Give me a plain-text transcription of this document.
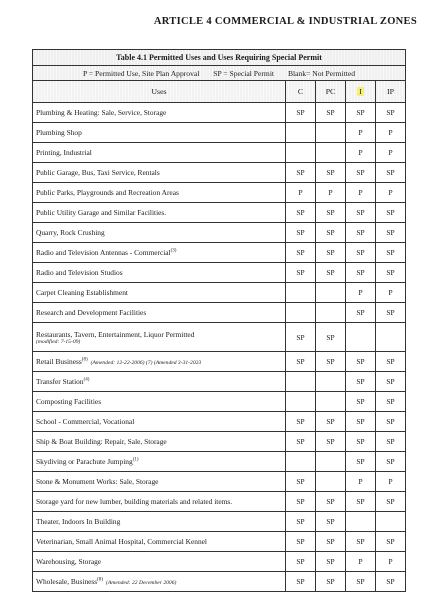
ARTICLE 4 COMMERCIAL & INDUSTRIAL ZONES
Table 4.1 Permitted Uses and Uses Requiring Special Permit				
P = Permitted Use, Site Plan Approval SP = Special Permit Blank= Not Permitted				
Uses	C	PC	I	IP
Plumbing & Heating: Sale, Service, Storage	SP	SP	SP	SP
Plumbing Shop			P	P
Printing, Industrial			P	P
Public Garage, Bus, Taxi Service, Rentals	SP	SP	SP	SP
Public Parks, Playgrounds and Recreation Areas	P	P	P	P
Public Utility Garage and Similar Facilities.	SP	SP	SP	SP
Quarry, Rock Crushing	SP	SP	SP	SP
Radio and Television Antennas - Commercial$^{(3)}$	SP	SP	SP	SP
Radio and Television Studios	SP	SP	SP	SP
Carpet Cleaning Establishment			P	P
Research and Development Facilities			SP	SP

Restaurants, Tavern, Entertainment, Liquor Permitted
(modified: 7-15-09)	SP	SP		
Retail Business$^{(8)}$ (Amended: 12-22-2006) (7) (Amended 3-31-2023	SP	SP	SP	SP
Transfer Station$^{(4)}$			SP	SP
Composting Facilities			SP	SP
School - Commercial, Vocational	SP	SP	SP	SP
Ship & Boat Building: Repair, Sale, Storage	SP	SP	SP	SP
Skydiving or Parachute Jumping$^{(1)}$			SP	SP
Stone & Monument Works: Sale, Storage	SP		P	P
Storage yard for new lumber, building materials and related items.	SP	SP	SP	SP
Theater, Indoors In Building	SP	SP		
Veterinarian, Small Animal Hospital, Commercial Kennel	SP	SP	SP	SP
Warehousing, Storage	SP	SP	P	P
Wholesale, Business$^{(8)}$ (Amended: 22 December 2006)	SP	SP	SP	SP
